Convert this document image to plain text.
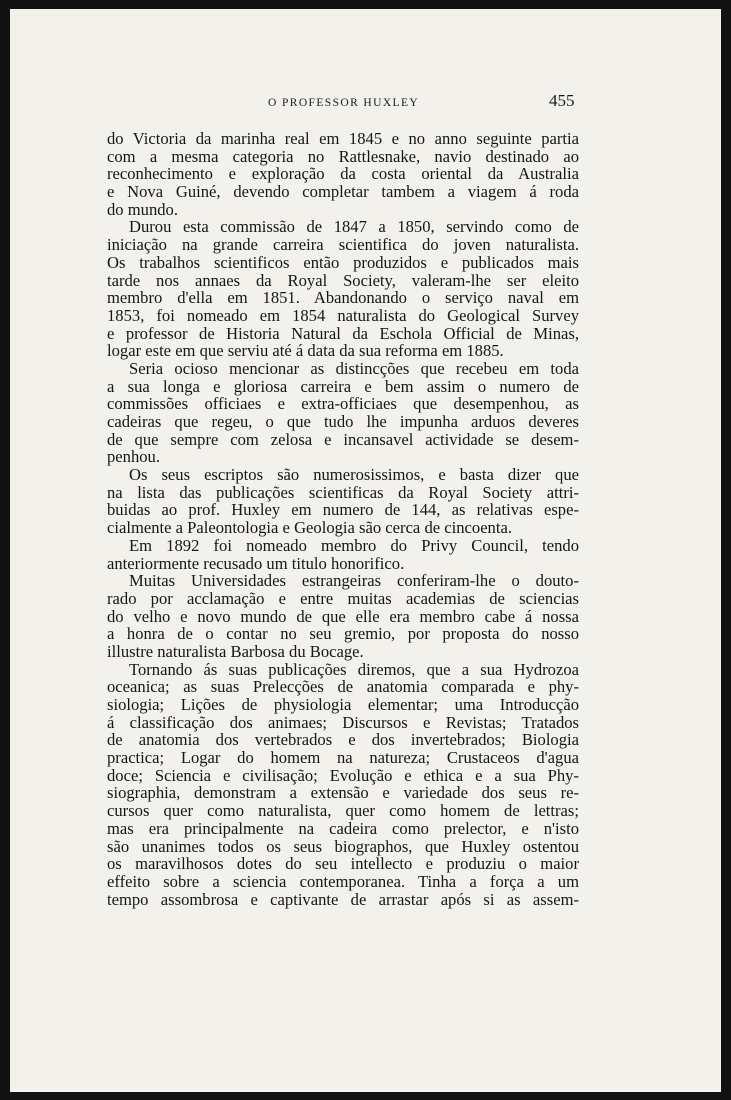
O PROFESSOR HUXLEY	455
do Victoria da marinha real em 1845 e no anno seguinte partia
com a mesma categoria no Rattlesnake, navio destinado ao
reconhecimento e exploração da costa oriental da Australia
e Nova Guiné, devendo completar tambem a viagem á roda
do mundo.
Durou esta commissão de 1847 a 1850, servindo como de
iniciação na grande carreira scientifica do joven naturalista.
Os trabalhos scientificos então produzidos e publicados mais
tarde nos annaes da Royal Society, valeram-lhe ser eleito
membro d'ella em 1851. Abandonando o serviço naval em
1853, foi nomeado em 1854 naturalista do Geological Survey
e professor de Historia Natural da Eschola Official de Minas,
logar este em que serviu até á data da sua reforma em 1885.
Seria ocioso mencionar as distincções que recebeu em toda
a sua longa e gloriosa carreira e bem assim o numero de
commissões officiaes e extra-officiaes que desempenhou, as
cadeiras que regeu, o que tudo lhe impunha arduos deveres
de que sempre com zelosa e incansavel actividade se desem-
penhou.
Os seus escriptos são numerosissimos, e basta dizer que
na lista das publicações scientificas da Royal Society attri-
buidas ao prof. Huxley em numero de 144, as relativas espe-
cialmente a Paleontologia e Geologia são cerca de cincoenta.
Em 1892 foi nomeado membro do Privy Council, tendo
anteriormente recusado um titulo honorifico.
Muitas Universidades estrangeiras conferiram-lhe o douto-
rado por acclamação e entre muitas academias de sciencias
do velho e novo mundo de que elle era membro cabe á nossa
a honra de o contar no seu gremio, por proposta do nosso
illustre naturalista Barbosa du Bocage.
Tornando ás suas publicações diremos, que a sua Hydrozoa
oceanica; as suas Prelecções de anatomia comparada e phy-
siologia; Lições de physiologia elementar; uma Introducção
á classificação dos animaes; Discursos e Revistas; Tratados
de anatomia dos vertebrados e dos invertebrados; Biologia
practica; Logar do homem na natureza; Crustaceos d'agua
doce; Sciencia e civilisação; Evolução e ethica e a sua Phy-
siographia, demonstram a extensão e variedade dos seus re-
cursos quer como naturalista, quer como homem de lettras;
mas era principalmente na cadeira como prelector, e n'isto
são unanimes todos os seus biographos, que Huxley ostentou
os maravilhosos dotes do seu intellecto e produziu o maior
effeito sobre a sciencia contemporanea. Tinha a força a um
tempo assombrosa e captivante de arrastar após si as assem-
